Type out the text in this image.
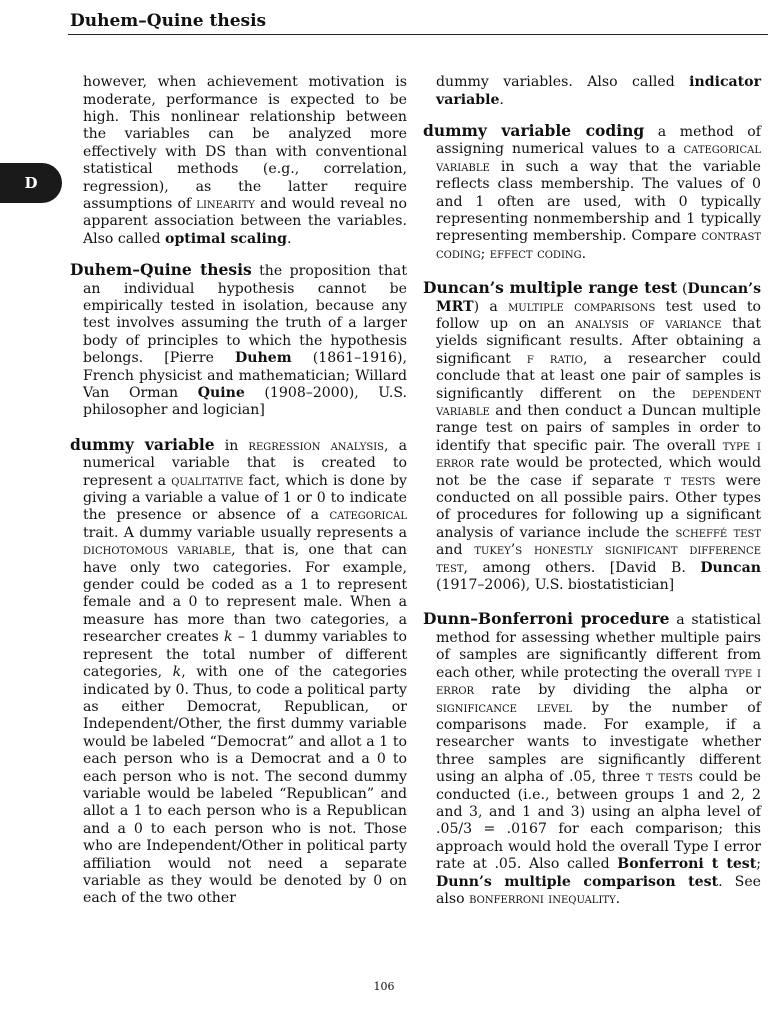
Duhem–Quine thesis
D

however, when achievement motivation is moderate, performance is expected to be high. This nonlinear relationship between the variables can be analyzed more effectively with DS than with conventional statistical methods (e.g., correlation, regression), as the latter require assumptions of linearity and would reveal no apparent association between the variables. Also called optimal scaling.

Duhem–Quine thesis the proposition that an individual hypothesis cannot be empirically tested in isolation, because any test involves assuming the truth of a larger body of principles to which the hypothesis belongs. [Pierre Duhem (1861–1916), French physicist and mathematician; Willard Van Orman Quine (1908–2000), U.S. philosopher and logician]

dummy variable in regression analysis, a numerical variable that is created to represent a qualitative fact, which is done by giving a variable a value of 1 or 0 to indicate the presence or absence of a categorical trait. A dummy variable usually represents a dichotomous variable, that is, one that can have only two categories. For example, gender could be coded as a 1 to represent female and a 0 to represent male. When a measure has more than two categories, a researcher creates k – 1 dummy variables to represent the total number of different categories, k, with one of the categories indicated by 0. Thus, to code a political party as either Democrat, Republican, or Independent/Other, the first dummy variable would be labeled “Democrat” and allot a 1 to each person who is a Democrat and a 0 to each person who is not. The second dummy variable would be labeled “Republican” and allot a 1 to each person who is a Republican and a 0 to each person who is not. Those who are Independent/Other in political party affiliation would not need a separate variable as they would be denoted by 0 on each of the two other

dummy variables. Also called indicator variable.

dummy variable coding a method of assigning numerical values to a categorical variable in such a way that the variable reflects class membership. The values of 0 and 1 often are used, with 0 typically representing nonmembership and 1 typically representing membership. Compare contrast coding; effect coding.

Duncan’s multiple range test (Duncan’s MRT) a multiple comparisons test used to follow up on an analysis of variance that yields significant results. After obtaining a significant f ratio, a researcher could conclude that at least one pair of samples is significantly different on the dependent variable and then conduct a Duncan multiple range test on pairs of samples in order to identify that specific pair. The overall type i error rate would be protected, which would not be the case if separate t tests were conducted on all possible pairs. Other types of procedures for following up a significant analysis of variance include the scheffé test and tukey’s honestly significant difference test, among others. [David B. Duncan (1917–2006), U.S. biostatistician]

Dunn–Bonferroni procedure a statistical method for assessing whether multiple pairs of samples are significantly different from each other, while protecting the overall type i error rate by dividing the alpha or significance level by the number of comparisons made. For example, if a researcher wants to investigate whether three samples are significantly different using an alpha of .05, three t tests could be conducted (i.e., between groups 1 and 2, 2 and 3, and 1 and 3) using an alpha level of .05/3 = .0167 for each comparison; this approach would hold the overall Type I error rate at .05. Also called Bonferroni t test; Dunn’s multiple comparison test. See also bonferroni inequality.

106
